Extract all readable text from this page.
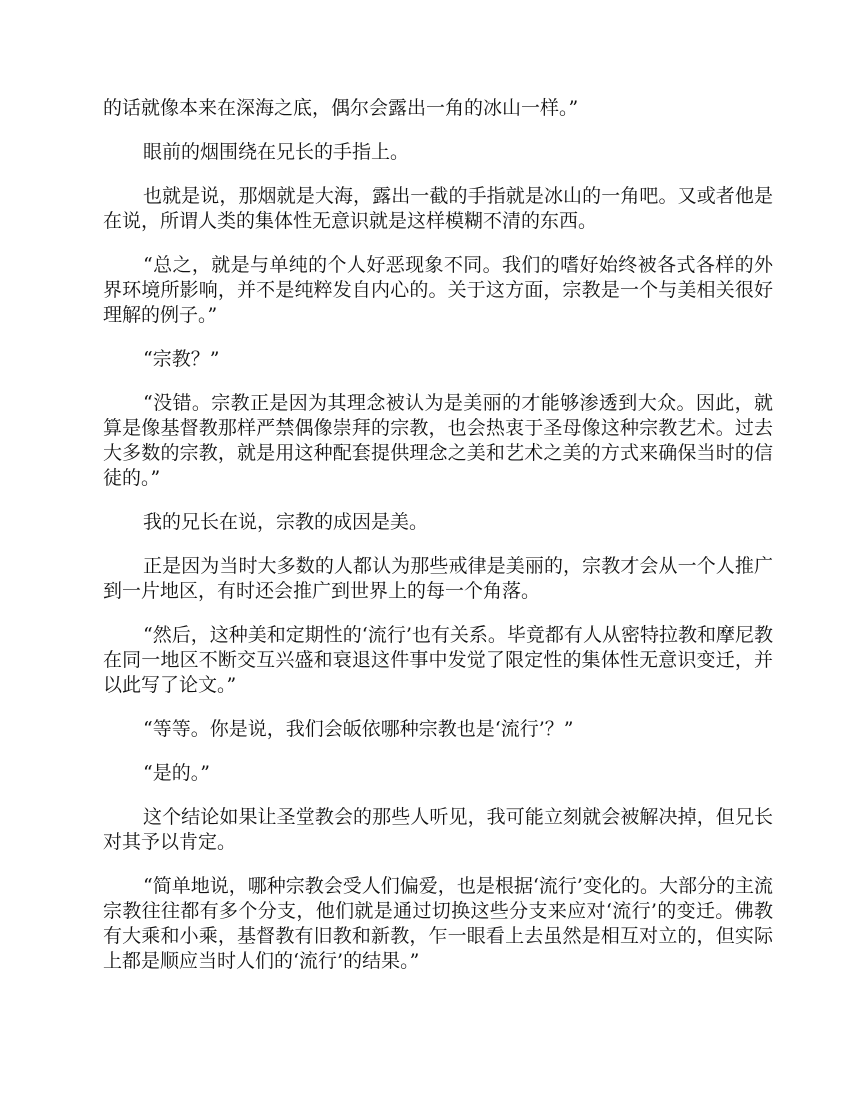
的话就像本来在深海之底，偶尔会露出一角的冰山一样。”

眼前的烟围绕在兄长的手指上。

也就是说，那烟就是大海，露出一截的手指就是冰山的一角吧。又或者他是在说，所谓人类的集体性无意识就是这样模糊不清的东西。

“总之，就是与单纯的个人好恶现象不同。我们的嗜好始终被各式各样的外界环境所影响，并不是纯粹发自内心的。关于这方面，宗教是一个与美相关很好理解的例子。”

“宗教？”

“没错。宗教正是因为其理念被认为是美丽的才能够渗透到大众。因此，就算是像基督教那样严禁偶像崇拜的宗教，也会热衷于圣母像这种宗教艺术。过去大多数的宗教，就是用这种配套提供理念之美和艺术之美的方式来确保当时的信徒的。”

我的兄长在说，宗教的成因是美。

正是因为当时大多数的人都认为那些戒律是美丽的，宗教才会从一个人推广到一片地区，有时还会推广到世界上的每一个角落。

“然后，这种美和定期性的‘流行’也有关系。毕竟都有人从密特拉教和摩尼教在同一地区不断交互兴盛和衰退这件事中发觉了限定性的集体性无意识变迁，并以此写了论文。”

“等等。你是说，我们会皈依哪种宗教也是‘流行’？”

“是的。”

这个结论如果让圣堂教会的那些人听见，我可能立刻就会被解决掉，但兄长对其予以肯定。

“简单地说，哪种宗教会受人们偏爱，也是根据‘流行’变化的。大部分的主流宗教往往都有多个分支，他们就是通过切换这些分支来应对‘流行’的变迁。佛教有大乘和小乘，基督教有旧教和新教，乍一眼看上去虽然是相互对立的，但实际上都是顺应当时人们的‘流行’的结果。”
